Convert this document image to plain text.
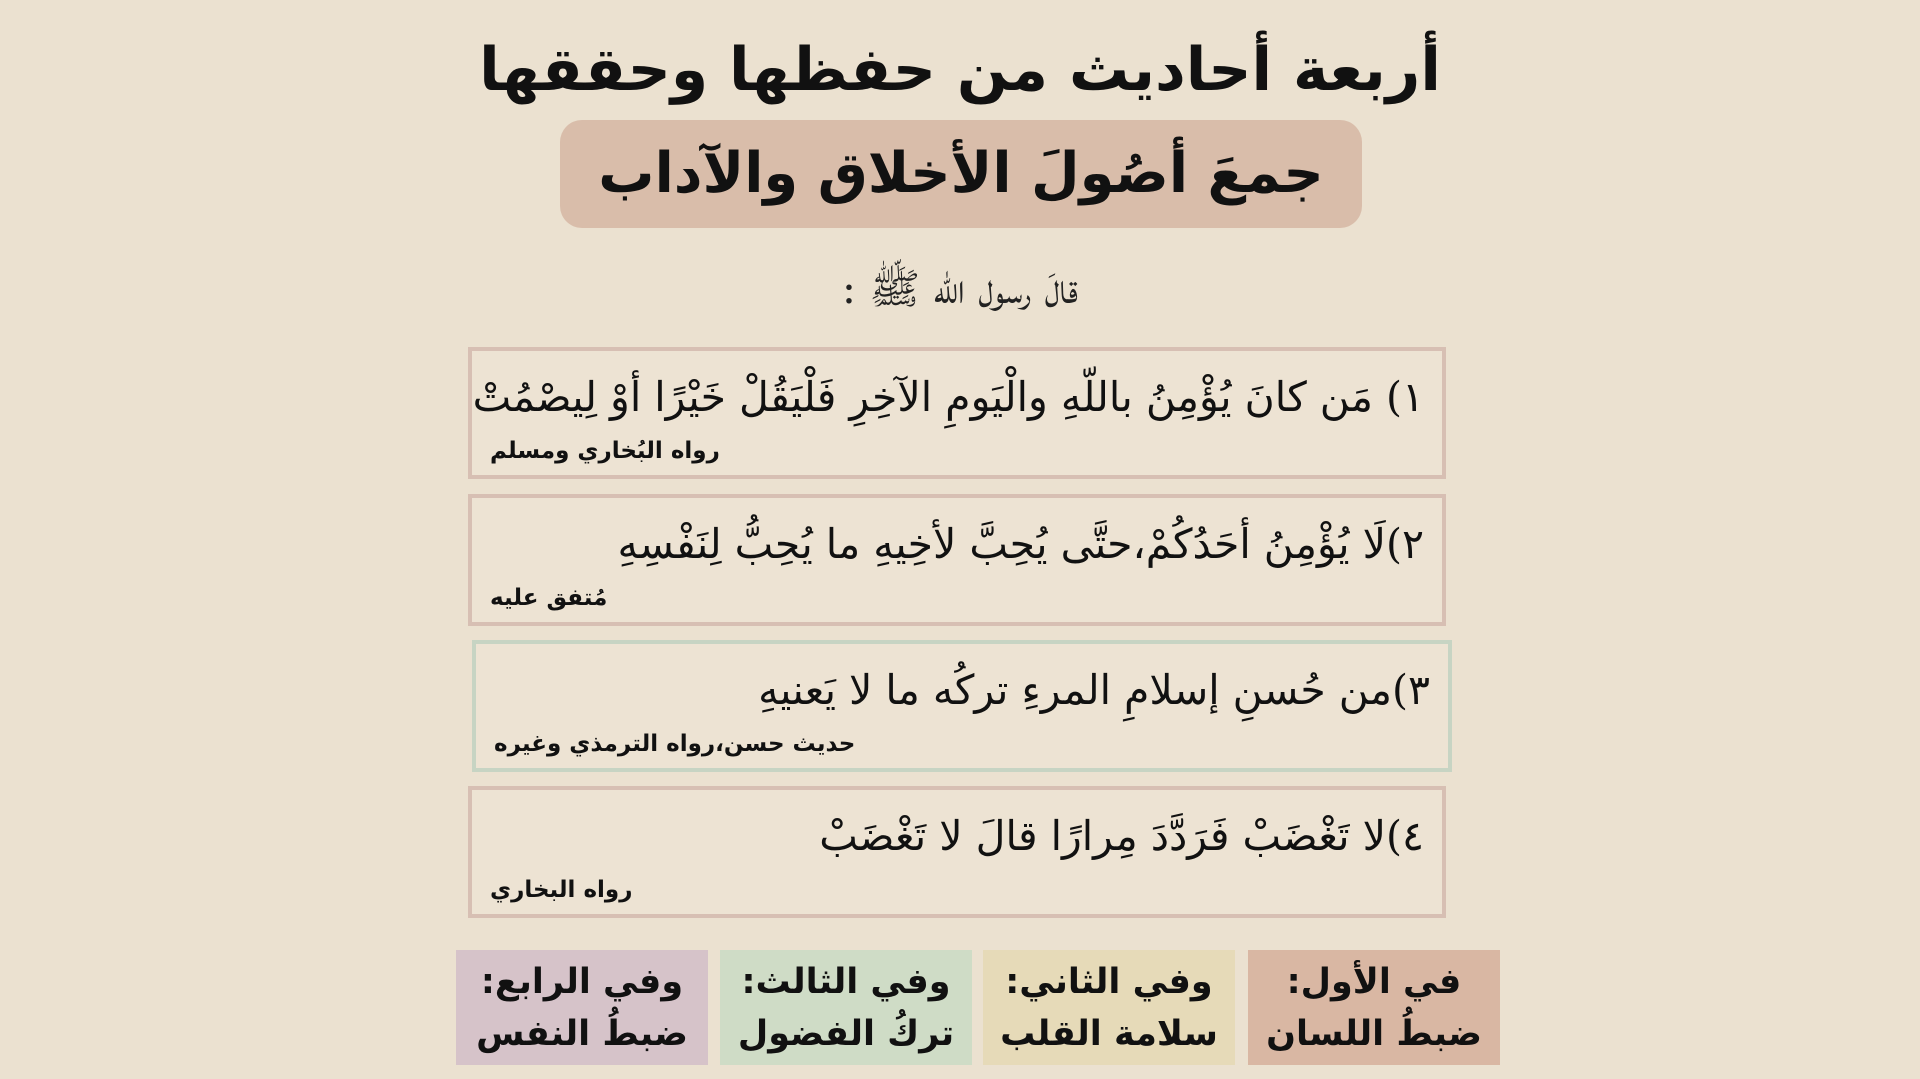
أربعة أحاديث من حفظها وحققها
جمعَ أصُولَ الأخلاق والآداب
قالَ رسول اللّه ﷺ :
١) مَن كانَ يُؤْمِنُ باللّهِ والْيَومِ الآخِرِ فَلْيَقُلْ خَيْرًا أوْ لِيصْمُتْ
رواه البُخاري ومسلم
٢)لَا يُؤْمِنُ أحَدُكُمْ،حتَّى يُحِبَّ لأخِيهِ ما يُحِبُّ لِنَفْسِهِ
مُتفق عليه
٣)من حُسنِ إسلامِ المرءِ تركُه ما لا يَعنيهِ
حديث حسن،رواه الترمذي وغيره
٤)لا تَغْضَبْ فَرَدَّدَ مِرارًا قالَ لا تَغْضَبْ
رواه البخاري
في الأول:
ضبطُ اللسان
وفي الثاني:
سلامة القلب
وفي الثالث:
تركُ الفضول
وفي الرابع:
ضبطُ النفس
